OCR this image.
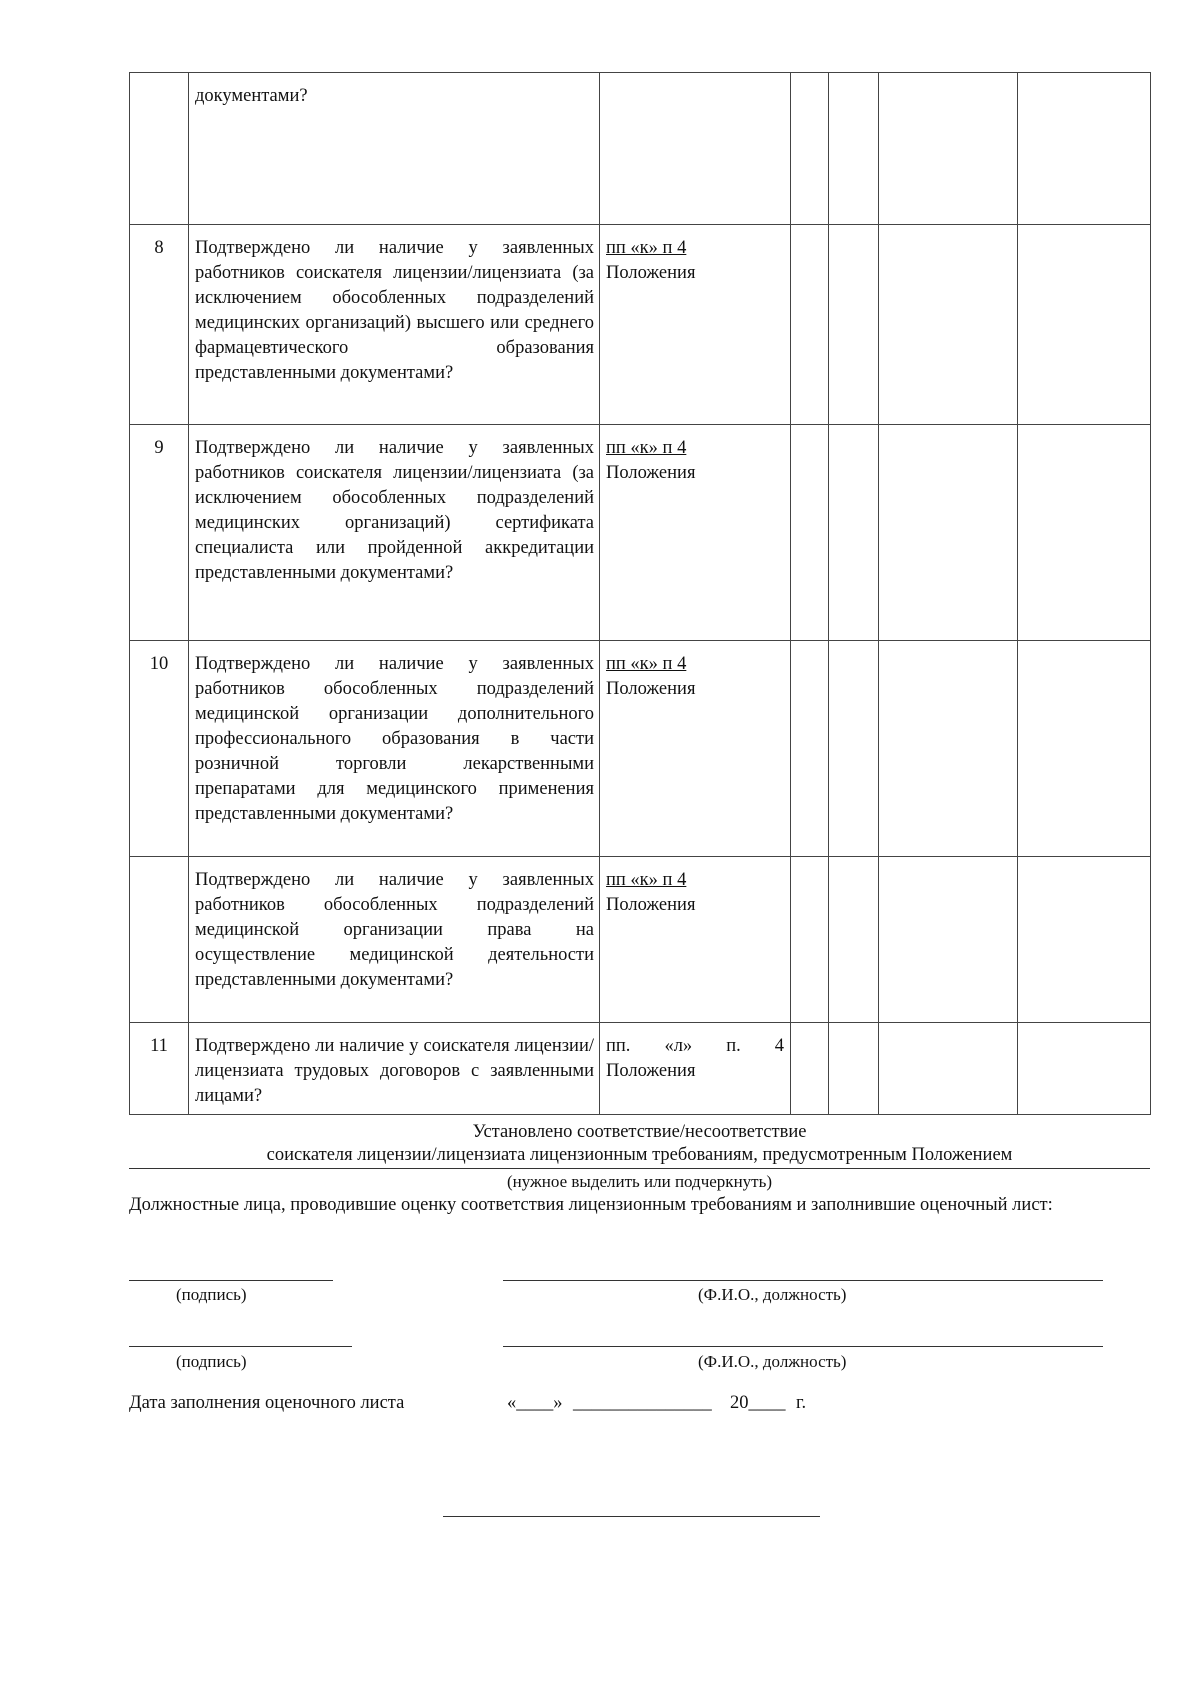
	документами?					
8	Подтверждено ли наличие у заявленных работников соискателя лицензии/лицензиата (за исключением обособленных подразделений медицинских организаций) высшего или среднего фармацевтического образования представленными документами?	пп «к» п 4
Положения				

9	Подтверждено ли наличие у заявленных работников соискателя лицензии/лицензиата (за исключением обособленных подразделений медицинских организаций) сертификата специалиста или пройденной аккредитации представленными документами?	пп «к» п 4
Положения				

10	Подтверждено ли наличие у заявленных работников обособленных подразделений медицинской организации дополнительного профессионального образования в части розничной торговли лекарственными препаратами для медицинского применения представленными документами?	пп «к» п 4
Положения				

	Подтверждено ли наличие у заявленных работников обособленных подразделений медицинской организации права на осуществление медицинской деятельности представленными документами?	пп «к» п 4
Положения				

11	Подтверждено ли наличие у соискателя лицензии/ лицензиата трудовых договоров с заявленными лицами?	пп. «л» п. 4
Положения				

Установлено соответствие/несоответствие
соискателя лицензии/лицензиата лицензионным требованиям, предусмотренным Положением
(нужное выделить или подчеркнуть)
Должностные лица, проводившие оценку соответствия лицензионным требованиям и заполнившие оценочный лист:
(подпись)	(Ф.И.О., должность)
(подпись)	(Ф.И.О., должность)
Дата заполнения оценочного листа	«____» _______________ 20____ г.
